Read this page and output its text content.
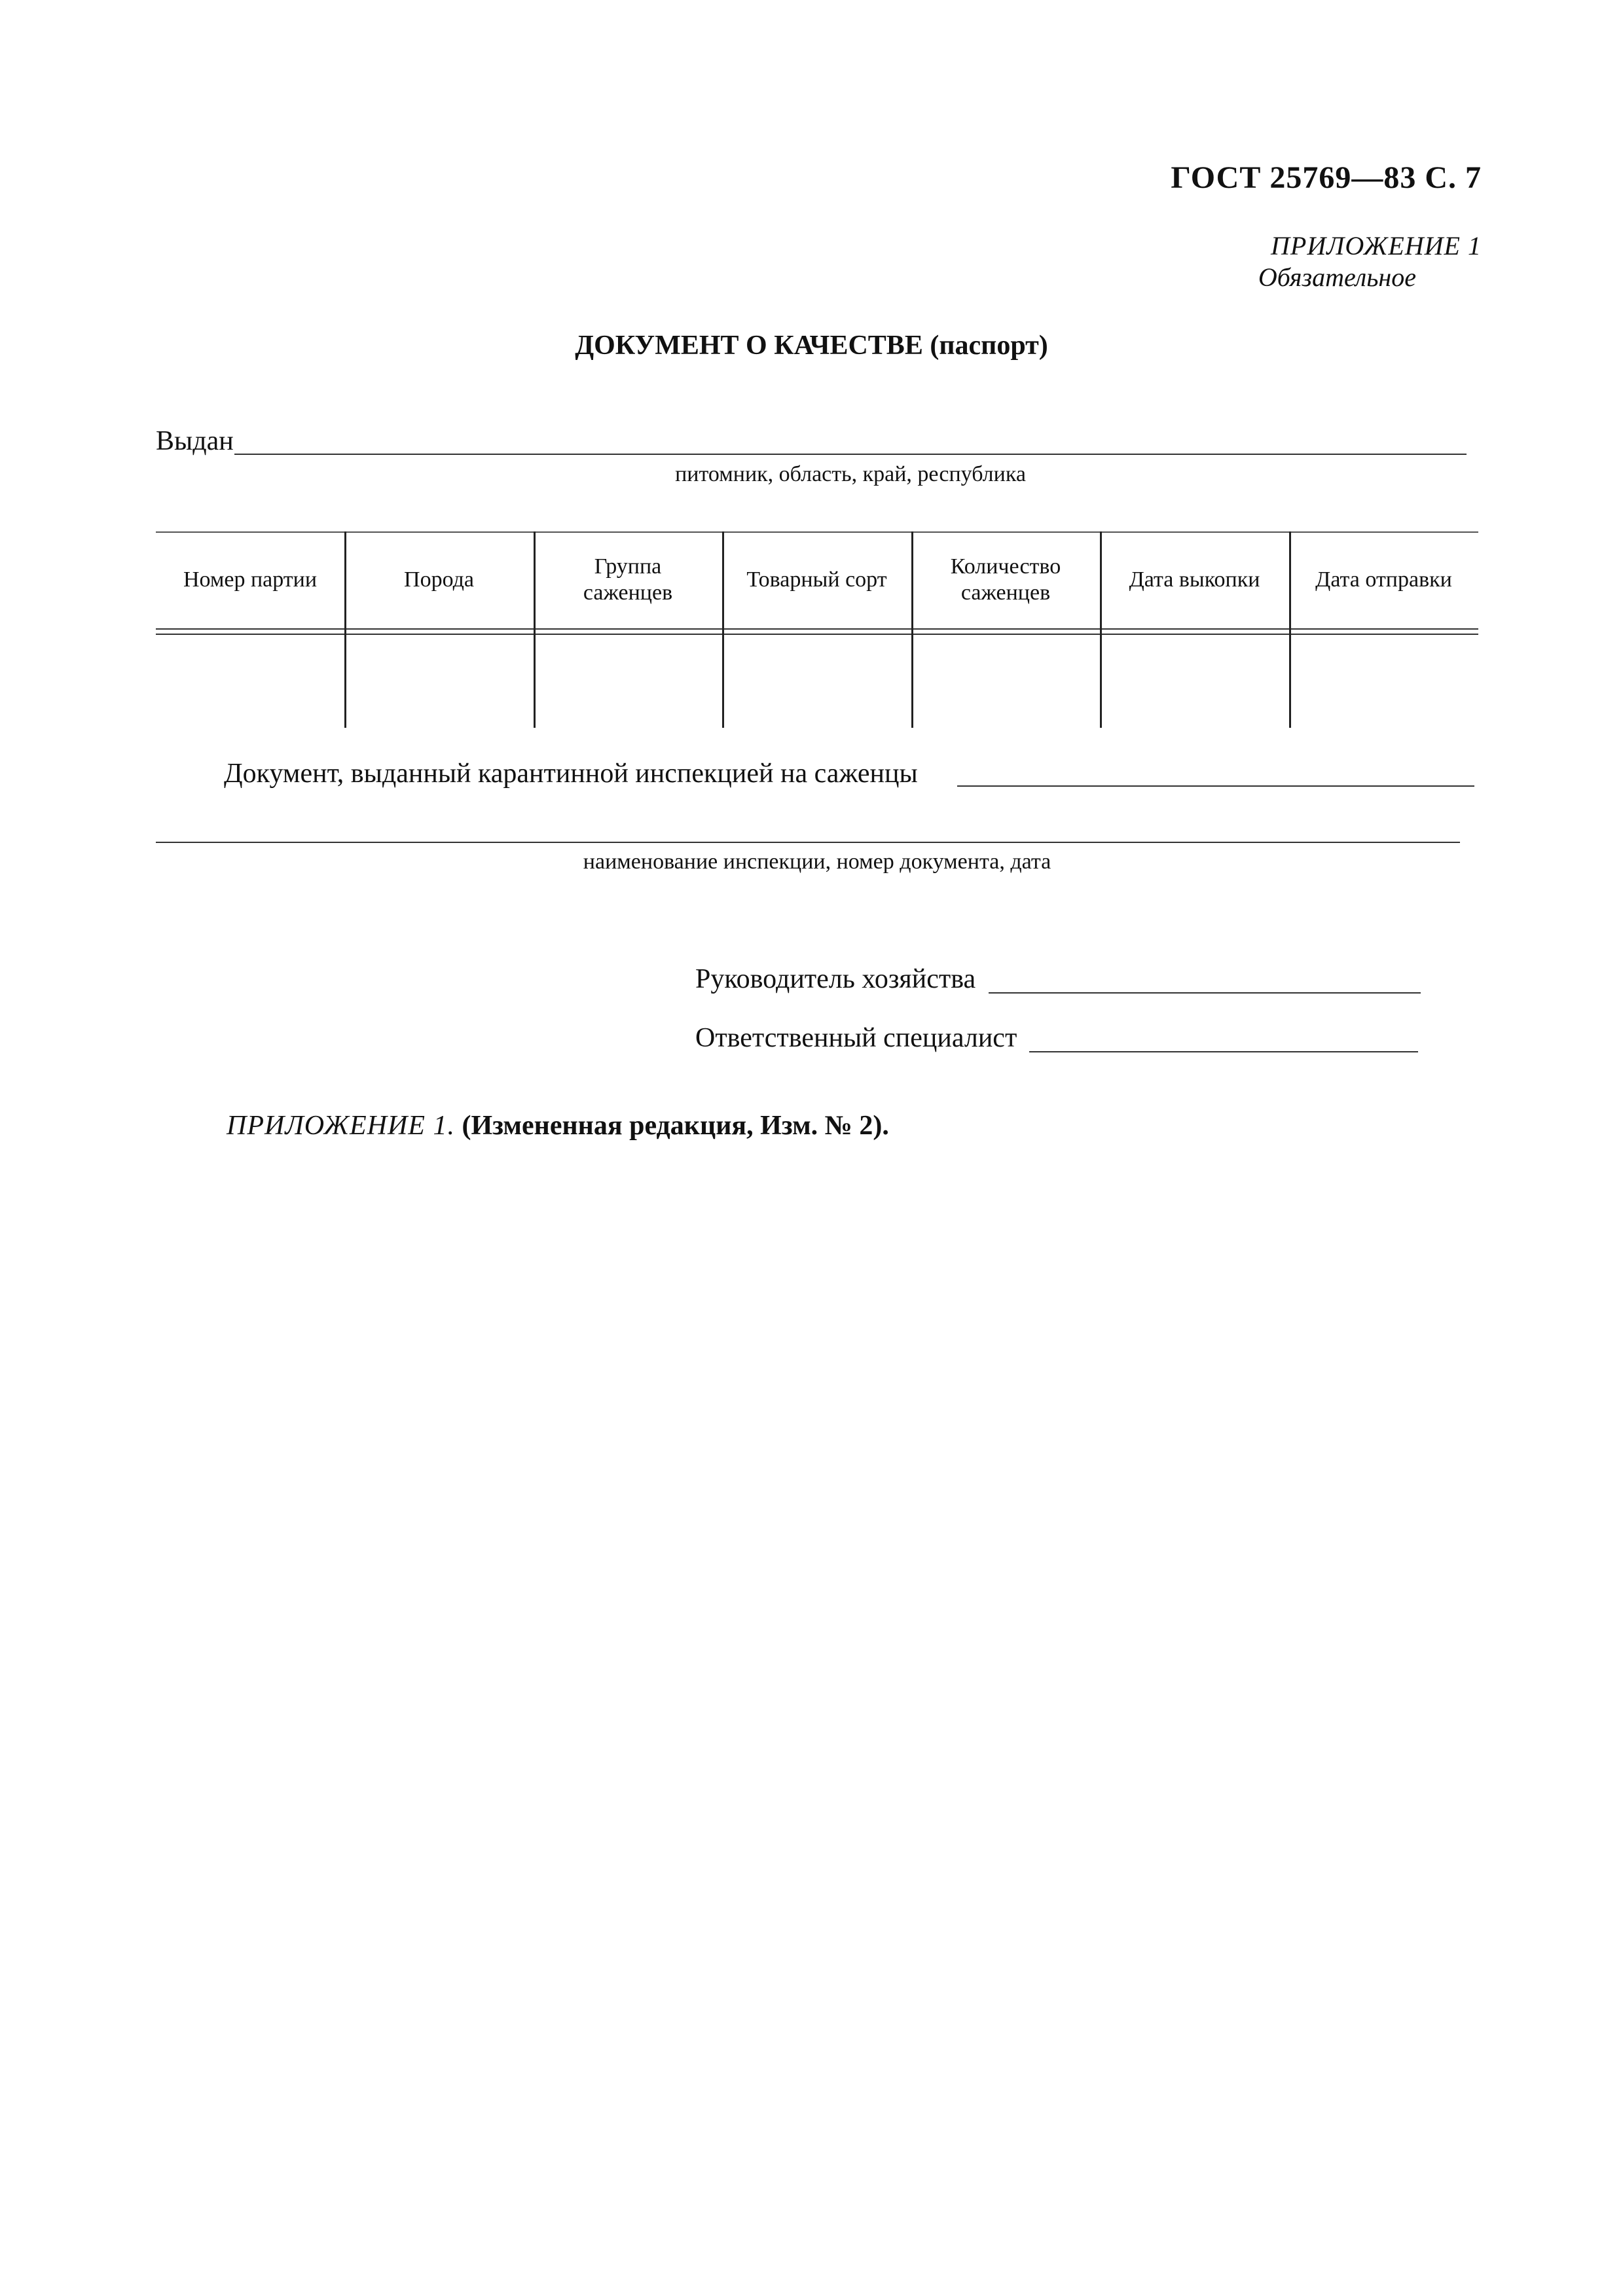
ГОСТ 25769—83 С. 7
ПРИЛОЖЕНИЕ 1
Обязательное
ДОКУМЕНТ О КАЧЕСТВЕ (паспорт)
Выдан
питомник, область, край, республика
Номер партии	Порода
Группа саженцев
Товарный сорт
Количество саженцев
Дата выкопки	Дата отправки
Документ, выданный карантинной инспекцией на саженцы
наименование инспекции, номер документа, дата
Руководитель хозяйства
Ответственный специалист
ПРИЛОЖЕНИЕ 1. (Измененная редакция, Изм. № 2).
